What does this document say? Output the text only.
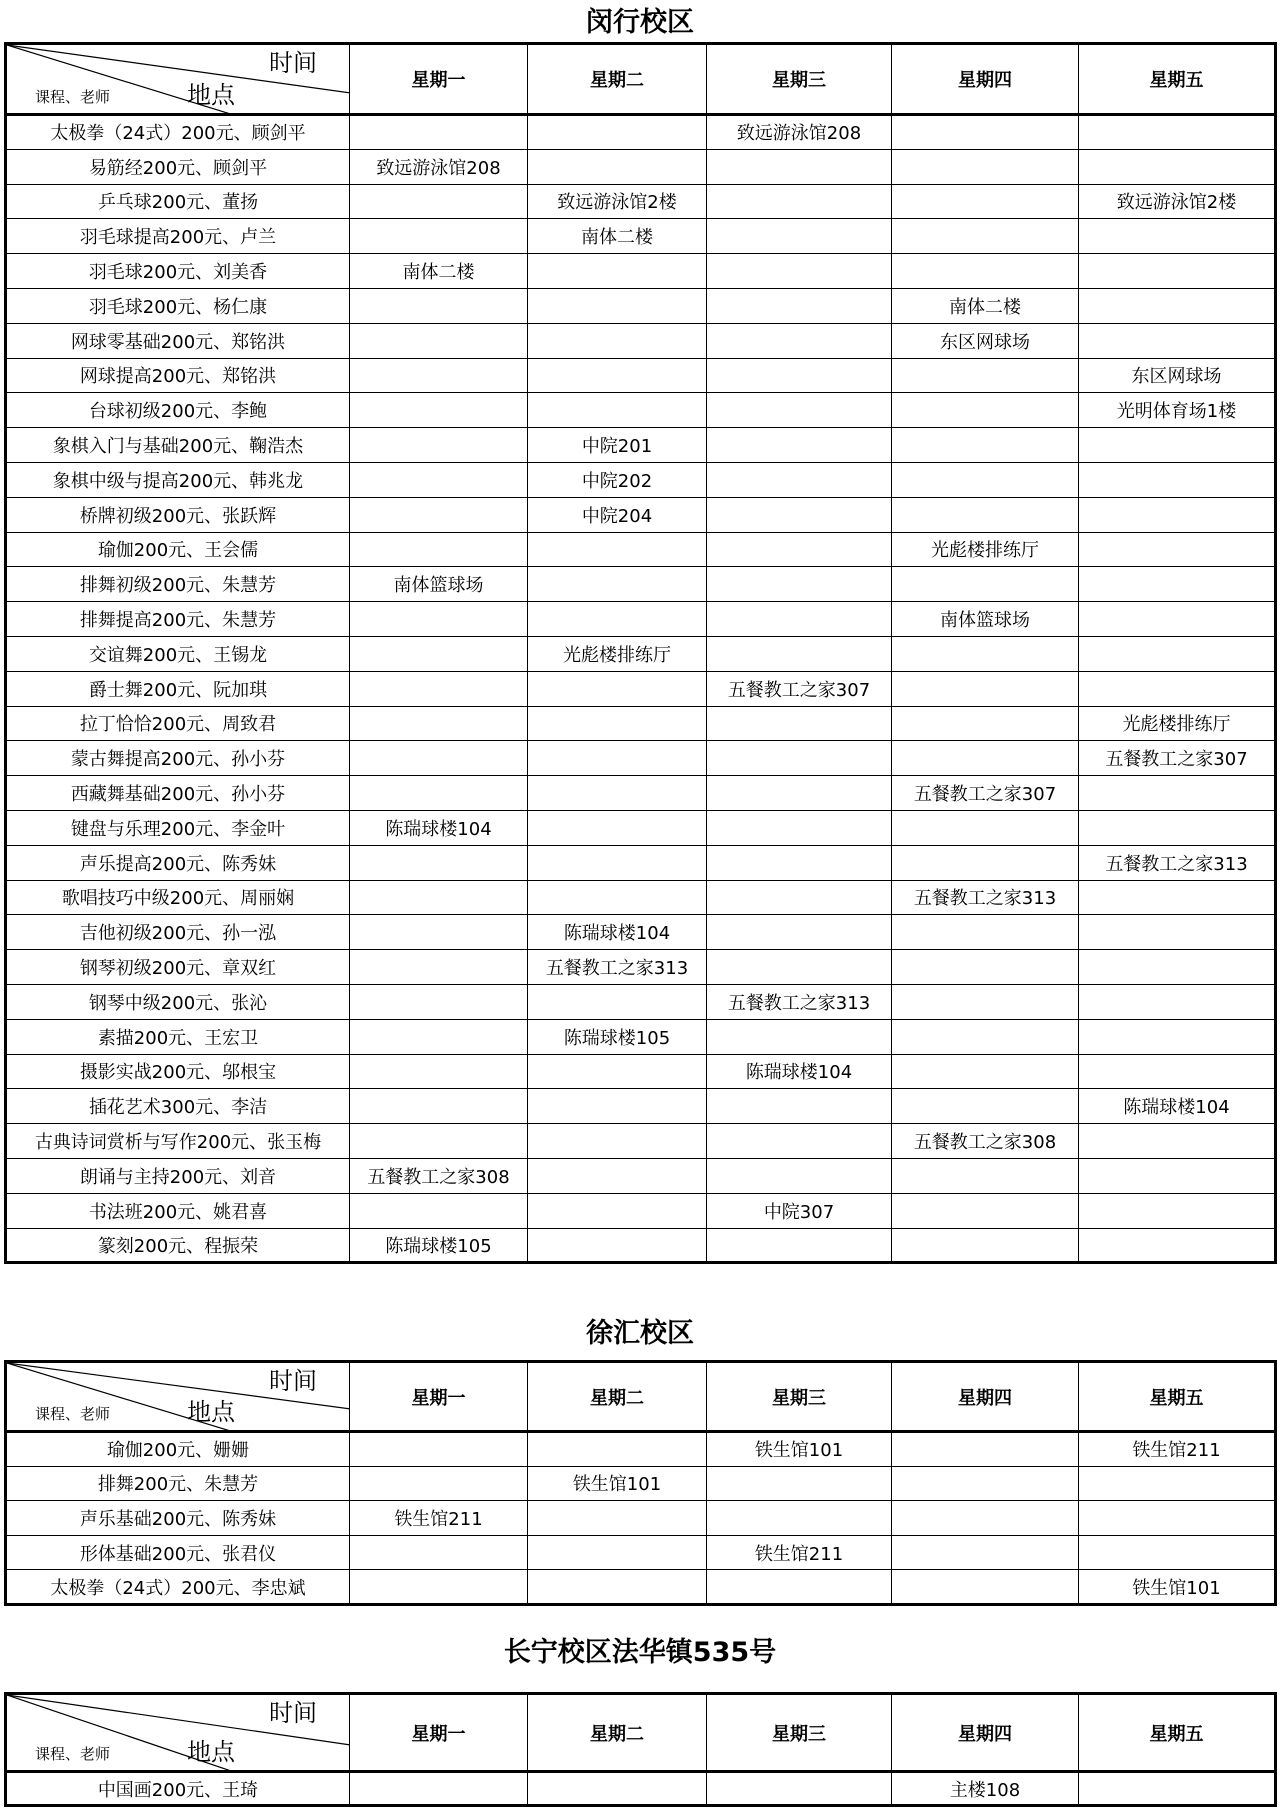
闵行校区
时间
地点
课程、老师	星期一	星期二	星期三	星期四	星期五
太极拳（24式）200元、顾剑平			致远游泳馆208		
易筋经200元、顾剑平	致远游泳馆208				
乒乓球200元、董扬		致远游泳馆2楼			致远游泳馆2楼
羽毛球提高200元、卢兰		南体二楼			
羽毛球200元、刘美香	南体二楼				
羽毛球200元、杨仁康				南体二楼	
网球零基础200元、郑铭洪				东区网球场	
网球提高200元、郑铭洪					东区网球场
台球初级200元、李鲍					光明体育场1楼
象棋入门与基础200元、鞠浩杰		中院201			
象棋中级与提高200元、韩兆龙		中院202			
桥牌初级200元、张跃辉		中院204			
瑜伽200元、王会儒				光彪楼排练厅	
排舞初级200元、朱慧芳	南体篮球场				
排舞提高200元、朱慧芳				南体篮球场	
交谊舞200元、王锡龙		光彪楼排练厅			
爵士舞200元、阮加琪			五餐教工之家307		
拉丁恰恰200元、周致君					光彪楼排练厅
蒙古舞提高200元、孙小芬					五餐教工之家307
西藏舞基础200元、孙小芬				五餐教工之家307	
键盘与乐理200元、李金叶	陈瑞球楼104				
声乐提高200元、陈秀妹					五餐教工之家313
歌唱技巧中级200元、周丽娴				五餐教工之家313	
吉他初级200元、孙一泓		陈瑞球楼104			
钢琴初级200元、章双红		五餐教工之家313			
钢琴中级200元、张沁			五餐教工之家313		
素描200元、王宏卫		陈瑞球楼105			
摄影实战200元、邬根宝			陈瑞球楼104		
插花艺术300元、李洁					陈瑞球楼104
古典诗词赏析与写作200元、张玉梅				五餐教工之家308	
朗诵与主持200元、刘音	五餐教工之家308				
书法班200元、姚君喜			中院307		
篆刻200元、程振荣	陈瑞球楼105				
徐汇校区
时间
地点
课程、老师	星期一	星期二	星期三	星期四	星期五
瑜伽200元、姗姗			铁生馆101		铁生馆211
排舞200元、朱慧芳		铁生馆101			
声乐基础200元、陈秀妹	铁生馆211				
形体基础200元、张君仪			铁生馆211		
太极拳（24式）200元、李忠斌					铁生馆101
长宁校区法华镇535号
时间
地点
课程、老师	星期一	星期二	星期三	星期四	星期五
中国画200元、王琦				主楼108	
